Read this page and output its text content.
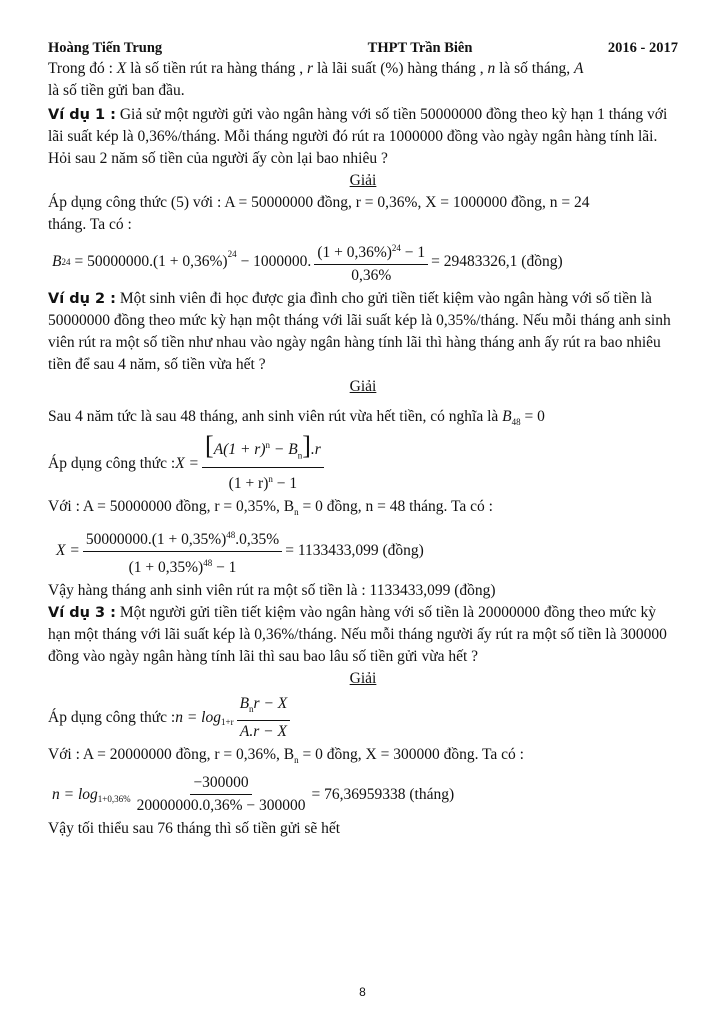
Hoàng Tiến Trung	THPT Trần Biên	2016 - 2017

Trong đó : X là số tiền rút ra hàng tháng , r là lãi suất (%) hàng tháng , n là số tháng, A

là số tiền gửi ban đầu.

Ví dụ 1 : Giả sử một người gửi vào ngân hàng với số tiền 50000000 đồng theo kỳ hạn 1 tháng với lãi suất kép là 0,36%/tháng. Mỗi tháng người đó rút ra 1000000 đồng vào ngày ngân hàng tính lãi. Hỏi sau 2 năm số tiền của người ấy còn lại bao nhiêu ?

Giải

Áp dụng công thức (5) với : A = 50000000 đồng, r = 0,36%, X = 1000000 đồng, n = 24

tháng. Ta có :

B $24 = 50000000.(1 + 0,36\%)^{24} - 1000000$. $\frac{(1 + 0,36\%)^{24} - 1}{0,36\%} = 29483326,1$ (đồng)

Ví dụ 2 : Một sinh viên đi học được gia đình cho gửi tiền tiết kiệm vào ngân hàng với số tiền là 50000000 đồng theo mức kỳ hạn một tháng với lãi suất kép là 0,35%/tháng. Nếu mỗi tháng anh sinh viên rút ra một số tiền như nhau vào ngày ngân hàng tính lãi thì hàng tháng anh ấy rút ra bao nhiêu tiền để sau 4 năm, số tiền vừa hết ?

Giải

Sau 4 năm tức là sau 48 tháng, anh sinh viên rút vừa hết tiền, có nghĩa là $B_{48} = 0$

Áp dụng công thức : $X = \frac{[A(1 + r)^n - B_n].r}{(1 + r)^n - 1}$

Với : A = 50000000 đồng, r = 0,35%, $B_n = 0$ đồng, n = 48 tháng. Ta có :

$X = \frac{50000000.(1 + 0,35\%)^{48}.0,35\%}{(1 + 0,35\%)^{48} - 1} = 1133433,099$ (đồng)

Vậy hàng tháng anh sinh viên rút ra một số tiền là : 1133433,099 (đồng)

Ví dụ 3 : Một người gửi tiền tiết kiệm vào ngân hàng với số tiền là 20000000 đồng theo mức kỳ hạn một tháng với lãi suất kép là 0,36%/tháng. Nếu mỗi tháng người ấy rút ra một số tiền là 300000 đồng vào ngày ngân hàng tính lãi thì sau bao lâu số tiền gửi vừa hết ?

Giải
Áp dụng công thức : $n = \log_{1+r} \frac{B_nr - X}{A.r - X}$

Với : A = 20000000 đồng, r = 0,36%, $B_n = 0$ đồng, X = 300000 đồng. Ta có :

$n = \log_{1+0,36\%} \frac{-300000}{20000000.0,36\% - 300000} = 76,36959338$ (tháng)

Vậy tối thiểu sau 76 tháng thì số tiền gửi sẽ hết

8
